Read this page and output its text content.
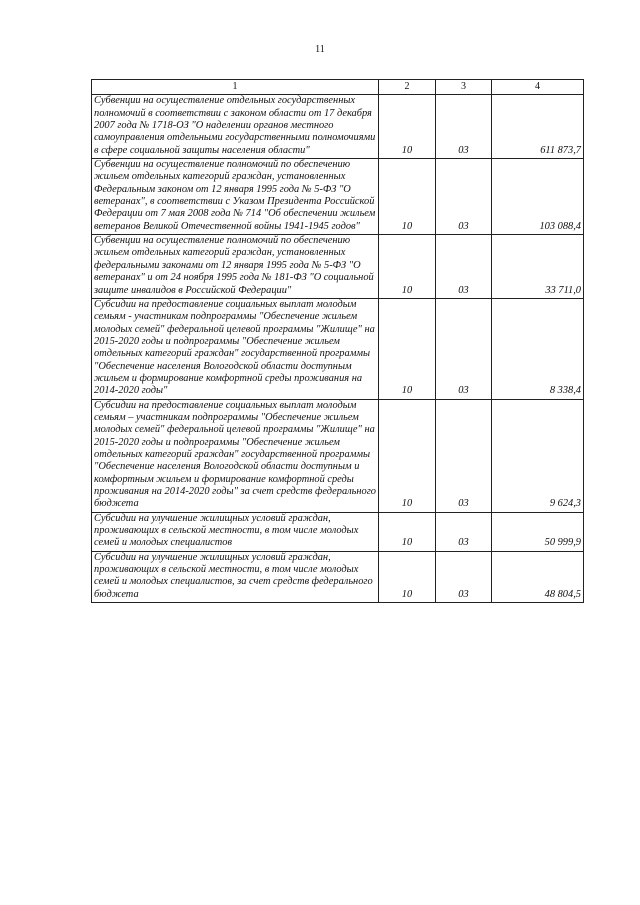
11
1	2	3	4
Субвенции на осуществление отдельных государственных полномочий в соответствии с законом области от 17 декабря 2007 года № 1718-ОЗ "О наделении органов местного самоуправления отдельными государственными полномочиями в сфере социальной защиты населения области"	10	03	611 873,7
Субвенции на осуществление полномочий по обеспечению жильем отдельных категорий граждан, установленных Федеральным законом от 12 января 1995 года № 5-ФЗ "О ветеранах", в соответствии с Указом Президента Российской Федерации от 7 мая 2008 года № 714 "Об обеспечении жильем ветеранов Великой Отечественной войны 1941-1945 годов"	10	03	103 088,4
Субвенции на осуществление полномочий по обеспечению жильем отдельных категорий граждан, установленных федеральными законами от 12 января 1995 года № 5-ФЗ "О ветеранах" и от 24 ноября 1995 года № 181-ФЗ "О социальной защите инвалидов в Российской Федерации"	10	03	33 711,0
Субсидии на предоставление социальных выплат молодым семьям - участникам подпрограммы "Обеспечение жильем молодых семей" федеральной целевой программы "Жилище" на 2015-2020 годы и подпрограммы "Обеспечение жильем отдельных категорий граждан" государственной программы "Обеспечение населения Вологодской области доступным жильем и формирование комфортной среды проживания на 2014-2020 годы"	10	03	8 338,4
Субсидии на предоставление социальных выплат молодым семьям – участникам подпрограммы "Обеспечение жильем молодых семей" федеральной целевой программы "Жилище" на 2015-2020 годы и подпрограммы "Обеспечение жильем отдельных категорий граждан" государственной программы "Обеспечение населения Вологодской области доступным и комфортным жильем и формирование комфортной среды проживания на 2014-2020 годы" за счет средств федерального бюджета	10	03	9 624,3
Субсидии на улучшение жилищных условий граждан, проживающих в сельской местности, в том числе молодых семей и молодых специалистов	10	03	50 999,9
Субсидии на улучшение жилищных условий граждан, проживающих в сельской местности, в том числе молодых семей и молодых специалистов, за счет средств федерального бюджета	10	03	48 804,5
